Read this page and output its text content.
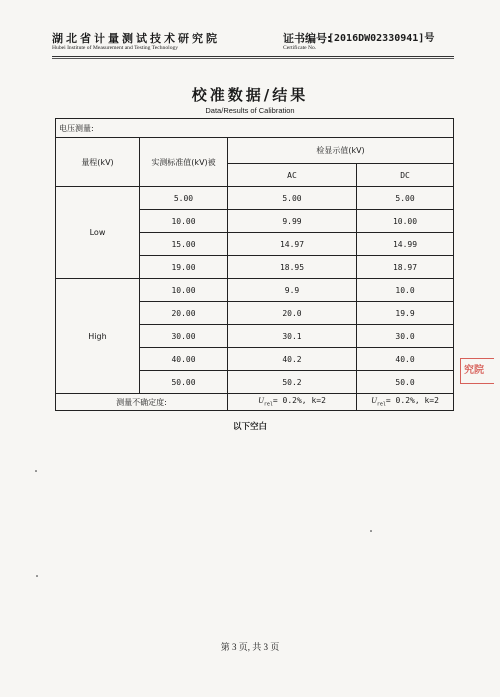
湖北省计量测试技术研究院
Hubei Institute of Measurement and Testing Technology
证书编号:
[2016DW02330941]号
Certificate No.
校准数据/结果
Data/Results of Calibration
电压测量:			
量程(kV)	实测标准值(kV)被	检显示值(kV)	
		AC	DC
Low	5.00	5.00	5.00
	10.00	9.99	10.00
	15.00	14.97	14.99
	19.00	18.95	18.97
High	10.00	9.9	10.0
	20.00	20.0	19.9
	30.00	30.1	30.0
	40.00	40.2	40.0
	50.00	50.2	50.0
测量不确定度:		$U_{rel}= 0.2\%$, k=2	$U_{rel}= 0.2\%$, k=2
以下空白
究院
第 3 页, 共 3 页
